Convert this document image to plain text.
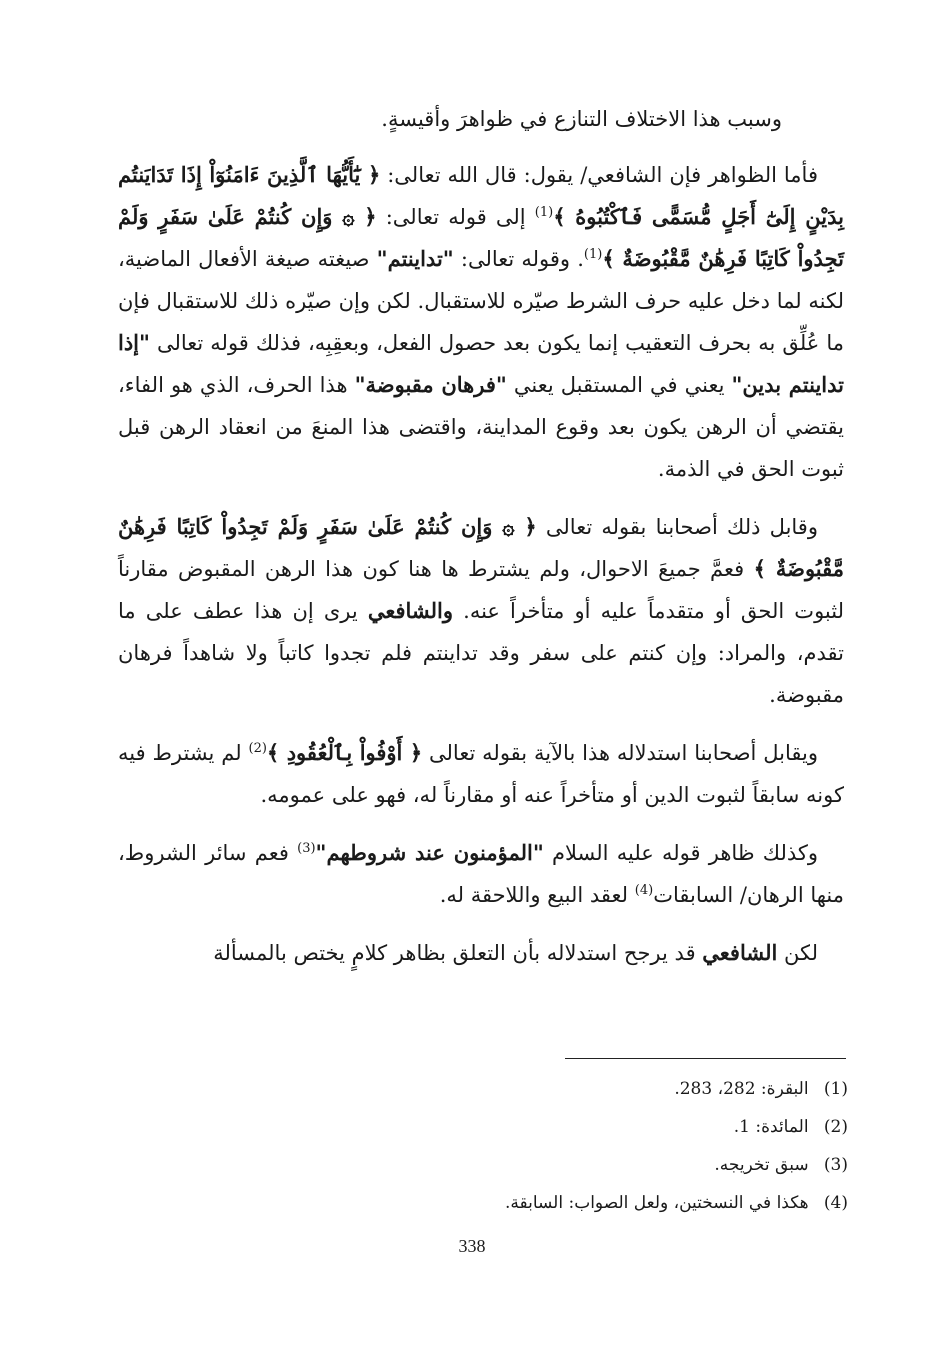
وسبب هذا الاختلاف التنازع في ظواهرَ وأقيسةٍ.

فأما الظواهر فإن الشافعي/ يقول: قال الله تعالى: ﴿ يَٰٓأَيُّهَا ٱلَّذِينَ ءَامَنُوٓاْ إِذَا تَدَايَنتُم بِدَيْنٍ إِلَىٰٓ أَجَلٍ مُّسَمًّى فَٱكْتُبُوهُ ﴾$^{(1)}$ إلى قوله تعالى: ﴿ ۞ وَإِن كُنتُمْ عَلَىٰ سَفَرٍ وَلَمْ تَجِدُواْ كَاتِبًا فَرِهَٰنٌ مَّقْبُوضَةٌ ﴾$^{(1)}$. وقوله تعالى: "تداينتم" صيغته صيغة الأفعال الماضية، لكنه لما دخل عليه حرف الشرط صيّره للاستقبال. لكن وإن صيّره ذلك للاستقبال فإن ما عُلِّق به بحرف التعقيب إنما يكون بعد حصول الفعل، وبعقِبِه، فذلك قوله تعالى "إذا تداينتم بدين" يعني في المستقبل يعني "فرهان مقبوضة" هذا الحرف، الذي هو الفاء، يقتضي أن الرهن يكون بعد وقوع المداينة، واقتضى هذا المنعَ من انعقاد الرهن قبل ثبوت الحق في الذمة.

وقابل ذلك أصحابنا بقوله تعالى ﴿ ۞ وَإِن كُنتُمْ عَلَىٰ سَفَرٍ وَلَمْ تَجِدُواْ كَاتِبًا فَرِهَٰنٌ مَّقْبُوضَةٌ ﴾ فعمَّ جميعَ الاحوال، ولم يشترط ها هنا كون هذا الرهن المقبوض مقارناً لثبوت الحق أو متقدماً عليه أو متأخراً عنه. والشافعي يرى إن هذا عطف على ما تقدم، والمراد: وإن كنتم على سفر وقد تداينتم فلم تجدوا كاتباً ولا شاهداً فرهان مقبوضة.

ويقابل أصحابنا استدلاله هذا بالآية بقوله تعالى ﴿ أَوْفُواْ بِٱلْعُقُودِ ﴾$^{(2)}$ لم يشترط فيه كونه سابقاً لثبوت الدين أو متأخراً عنه أو مقارناً له، فهو على عمومه.

وكذلك ظاهر قوله عليه السلام "المؤمنون عند شروطهم"$^{(3)}$ فعم سائر الشروط، منها الرهان/ السابقات$^{(4)}$ لعقد البيع واللاحقة له.

لكن الشافعي قد يرجح استدلاله بأن التعلق بظاهر كلامٍ يختص بالمسألة

(1) البقرة: 282، 283.
(2) المائدة: 1.
(3) سبق تخريجه.
(4) هكذا في النسختين، ولعل الصواب: السابقة.
338
